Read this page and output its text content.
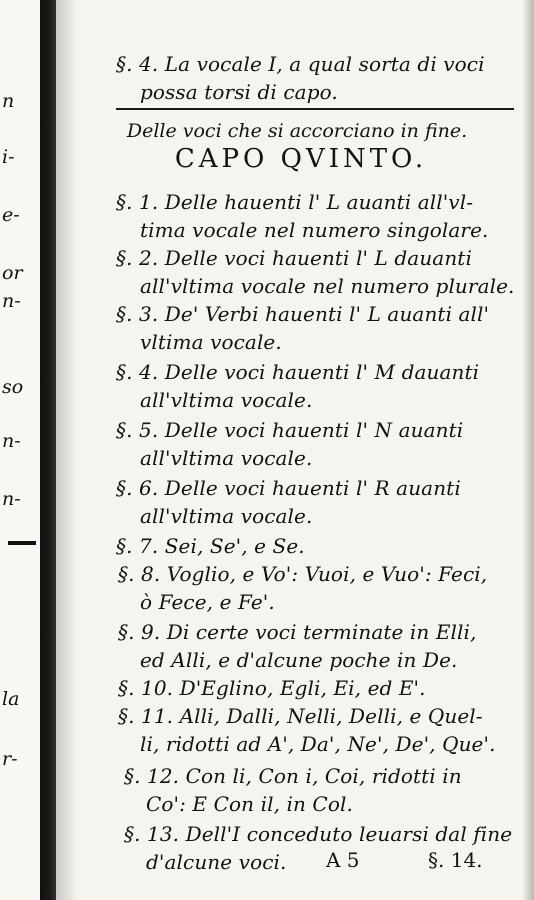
n
i-
e-
or
n-
so
n-
n-
la
r-
§. 4. La vocale I, a qual sorta di voci
possa torsi di capo.
Delle voci che si accorciano in fine.
CAPO QVINTO.
§. 1. Delle hauenti l' L auanti all'vl-
tima vocale nel numero singolare.
§. 2. Delle voci hauenti l' L dauanti
all'vltima vocale nel numero plurale.
§. 3. De' Verbi hauenti l' L auanti all'
vltima vocale.
§. 4. Delle voci hauenti l' M dauanti
all'vltima vocale.
§. 5. Delle voci hauenti l' N auanti
all'vltima vocale.
§. 6. Delle voci hauenti l' R auanti
all'vltima vocale.
§. 7. Sei, Se', e Se.
§. 8. Voglio, e Vo': Vuoi, e Vuo': Feci,
ò Fece, e Fe'.
§. 9. Di certe voci terminate in Elli,
ed Alli, e d'alcune poche in De.
§. 10. D'Eglino, Egli, Ei, ed E'.
§. 11. Alli, Dalli, Nelli, Delli, e Quel-
li, ridotti ad A', Da', Ne', De', Que'.
§. 12. Con li, Con i, Coi, ridotti in
Co': E Con il, in Col.
§. 13. Dell'I conceduto leuarsi dal fine
d'alcune voci. A 5	§. 14.
